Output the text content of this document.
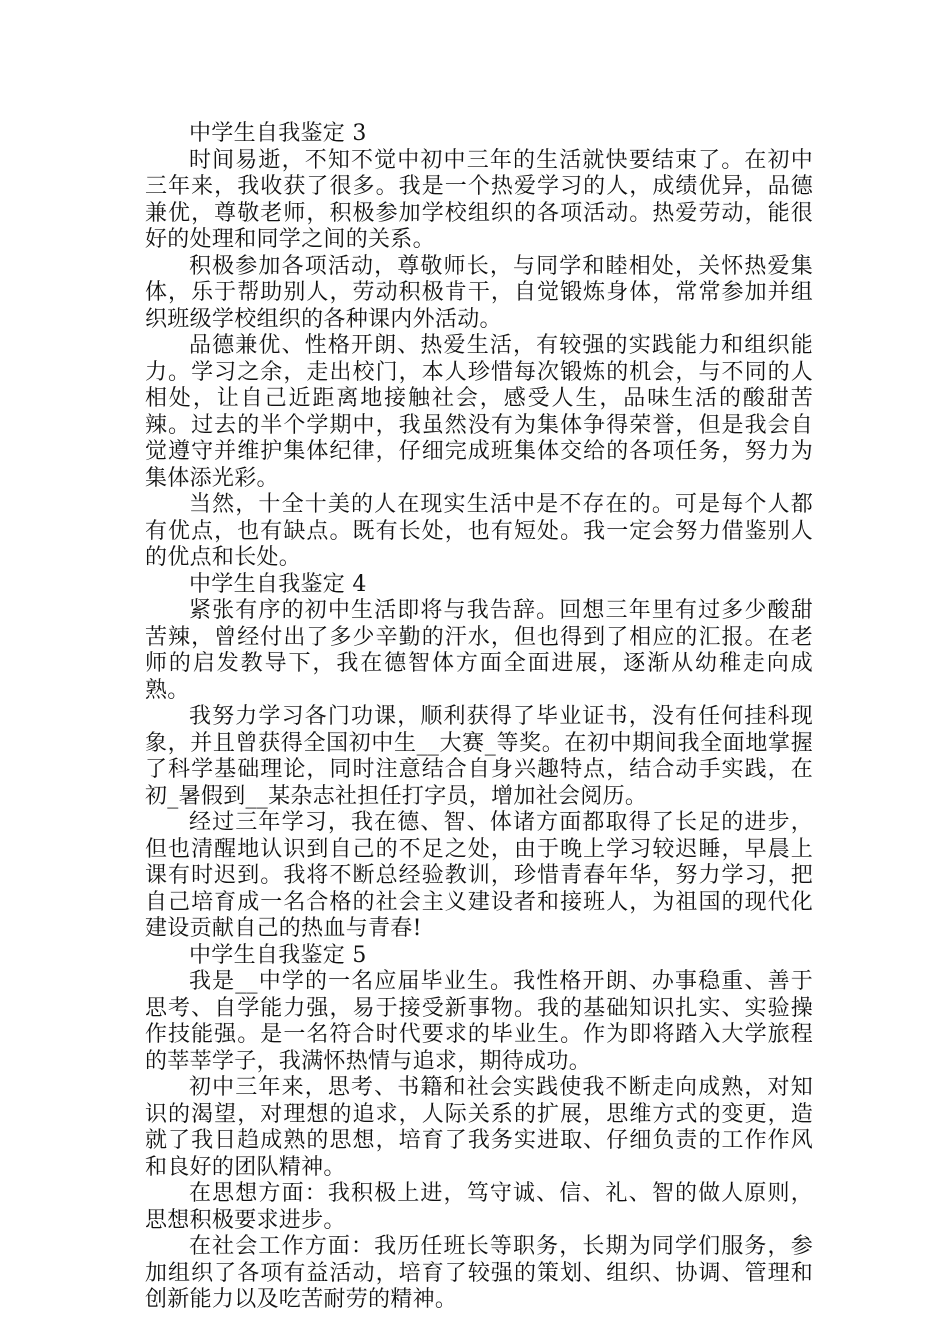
中学生自我鉴定 3

时间易逝，不知不觉中初中三年的生活就快要结束了。在初中三年来，我收获了很多。我是一个热爱学习的人，成绩优异，品德兼优，尊敬老师，积极参加学校组织的各项活动。热爱劳动，能很好的处理和同学之间的关系。

积极参加各项活动，尊敬师长，与同学和睦相处，关怀热爱集体，乐于帮助别人，劳动积极肯干，自觉锻炼身体，常常参加并组织班级学校组织的各种课内外活动。

品德兼优、性格开朗、热爱生活，有较强的实践能力和组织能力。学习之余，走出校门，本人珍惜每次锻炼的机会，与不同的人相处，让自己近距离地接触社会，感受人生，品味生活的酸甜苦辣。过去的半个学期中，我虽然没有为集体争得荣誉，但是我会自觉遵守并维护集体纪律，仔细完成班集体交给的各项任务，努力为集体添光彩。

当然，十全十美的人在现实生活中是不存在的。可是每个人都有优点，也有缺点。既有长处，也有短处。我一定会努力借鉴别人的优点和长处。

中学生自我鉴定 4

紧张有序的初中生活即将与我告辞。回想三年里有过多少酸甜苦辣，曾经付出了多少辛勤的汗水，但也得到了相应的汇报。在老师的启发教导下，我在德智体方面全面进展，逐渐从幼稚走向成熟。

我努力学习各门功课，顺利获得了毕业证书，没有任何挂科现象，并且曾获得全国初中生__大赛_等奖。在初中期间我全面地掌握了科学基础理论，同时注意结合自身兴趣特点，结合动手实践，在初_暑假到__某杂志社担任打字员，增加社会阅历。

经过三年学习，我在德、智、体诸方面都取得了长足的进步，但也清醒地认识到自己的不足之处，由于晚上学习较迟睡，早晨上课有时迟到。我将不断总经验教训，珍惜青春年华，努力学习，把自己培育成一名合格的社会主义建设者和接班人，为祖国的现代化建设贡献自己的热血与青春!

中学生自我鉴定 5

我是__中学的一名应届毕业生。我性格开朗、办事稳重、善于思考、自学能力强，易于接受新事物。我的基础知识扎实、实验操作技能强。是一名符合时代要求的毕业生。作为即将踏入大学旅程的莘莘学子，我满怀热情与追求，期待成功。

初中三年来，思考、书籍和社会实践使我不断走向成熟，对知识的渴望，对理想的追求，人际关系的扩展，思维方式的变更，造就了我日趋成熟的思想，培育了我务实进取、仔细负责的工作作风和良好的团队精神。

在思想方面：我积极上进，笃守诚、信、礼、智的做人原则，思想积极要求进步。

在社会工作方面：我历任班长等职务，长期为同学们服务，参加组织了各项有益活动，培育了较强的策划、组织、协调、管理和创新能力以及吃苦耐劳的精神。
